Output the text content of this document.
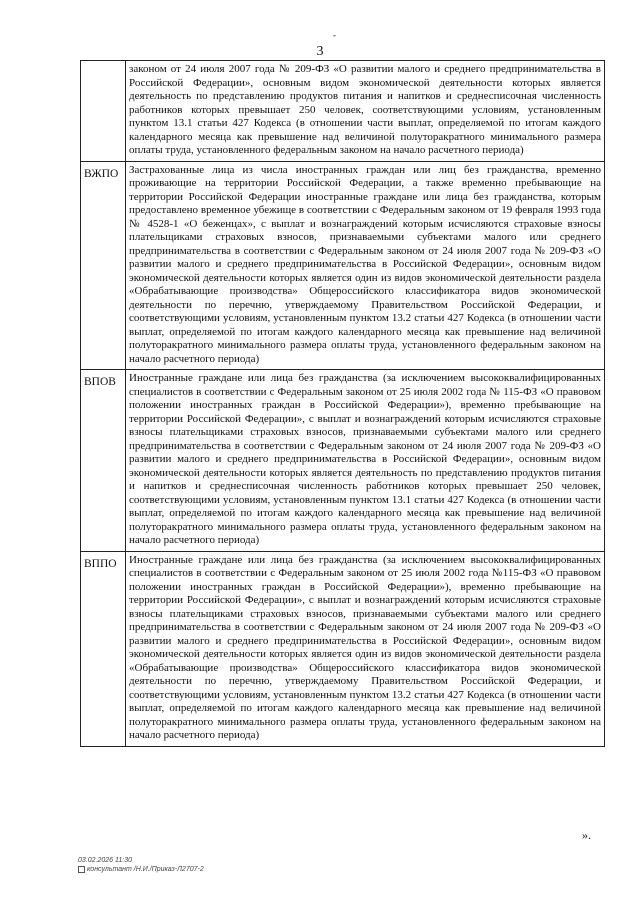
-
3
	законом от 24 июля 2007 года № 209-ФЗ «О развитии малого и среднего предпринимательства в Российской Федерации», основным видом экономической деятельности которых является деятельность по представлению продуктов питания и напитков и среднесписочная численность работников которых превышает 250 человек, соответствующими условиям, установленным пунктом 13.1 статьи 427 Кодекса (в отношении части выплат, определяемой по итогам каждого календарного месяца как превышение над величиной полуторакратного минимального размера оплаты труда, установленного федеральным законом на начало расчетного периода)
ВЖПО	Застрахованные лица из числа иностранных граждан или лиц без гражданства, временно проживающие на территории Российской Федерации, а также временно пребывающие на территории Российской Федерации иностранные граждане или лица без гражданства, которым предоставлено временное убежище в соответствии с Федеральным законом от 19 февраля 1993 года № 4528-1 «О беженцах», с выплат и вознаграждений которым исчисляются страховые взносы плательщиками страховых взносов, признаваемыми субъектами малого или среднего предпринимательства в соответствии с Федеральным законом от 24 июля 2007 года № 209-ФЗ «О развитии малого и среднего предпринимательства в Российской Федерации», основным видом экономической деятельности которых является один из видов экономической деятельности раздела «Обрабатывающие производства» Общероссийского классификатора видов экономической деятельности по перечню, утверждаемому Правительством Российской Федерации, и соответствующими условиям, установленным пунктом 13.2 статьи 427 Кодекса (в отношении части выплат, определяемой по итогам каждого календарного месяца как превышение над величиной полуторакратного минимального размера оплаты труда, установленного федеральным законом на начало расчетного периода)
ВПОВ	Иностранные граждане или лица без гражданства (за исключением высококвалифицированных специалистов в соответствии с Федеральным законом от 25 июля 2002 года № 115-ФЗ «О правовом положении иностранных граждан в Российской Федерации»), временно пребывающие на территории Российской Федерации», с выплат и вознаграждений которым исчисляются страховые взносы плательщиками страховых взносов, признаваемыми субъектами малого или среднего предпринимательства в соответствии с Федеральным законом от 24 июля 2007 года № 209-ФЗ «О развитии малого и среднего предпринимательства в Российской Федерации», основным видом экономической деятельности которых является деятельность по представлению продуктов питания и напитков и среднесписочная численность работников которых превышает 250 человек, соответствующими условиям, установленным пунктом 13.1 статьи 427 Кодекса (в отношении части выплат, определяемой по итогам каждого календарного месяца как превышение над величиной полуторакратного минимального размера оплаты труда, установленного федеральным законом на начало расчетного периода)
ВППО	Иностранные граждане или лица без гражданства (за исключением высококвалифицированных специалистов в соответствии с Федеральным законом от 25 июля 2002 года №115-ФЗ «О правовом положении иностранных граждан в Российской Федерации»), временно пребывающие на территории Российской Федерации», с выплат и вознаграждений которым исчисляются страховые взносы плательщиками страховых взносов, признаваемыми субъектами малого или среднего предпринимательства в соответствии с Федеральным законом от 24 июля 2007 года № 209-ФЗ «О развитии малого и среднего предпринимательства в Российской Федерации», основным видом экономической деятельности которых является один из видов экономической деятельности раздела «Обрабатывающие производства» Общероссийского классификатора видов экономической деятельности по перечню, утверждаемому Правительством Российской Федерации, и соответствующими условиям, установленным пунктом 13.2 статьи 427 Кодекса (в отношении части выплат, определяемой по итогам каждого календарного месяца как превышение над величиной полуторакратного минимального размера оплаты труда, установленного федеральным законом на начало расчетного периода)
».
03.02.2026 11:30
консультант /Н.И./Приказ-Л2707-2
